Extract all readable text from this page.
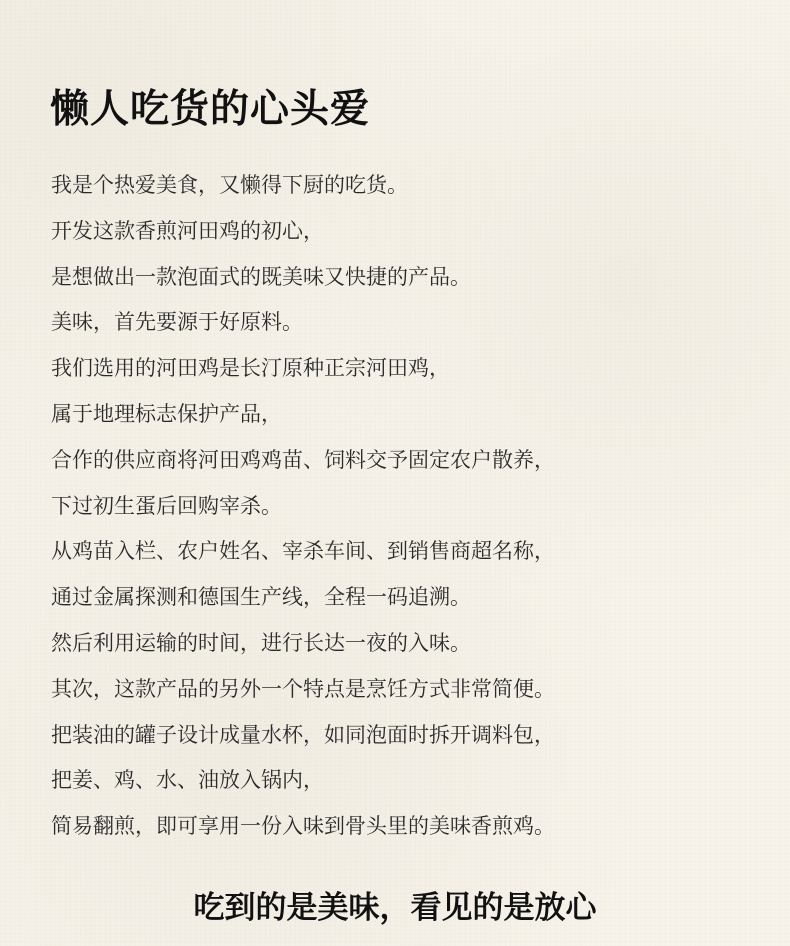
懒人吃货的心头爱
我是个热爱美食，又懒得下厨的吃货。
开发这款香煎河田鸡的初心，
是想做出一款泡面式的既美味又快捷的产品。
美味，首先要源于好原料。
我们选用的河田鸡是长汀原种正宗河田鸡，
属于地理标志保护产品，
合作的供应商将河田鸡鸡苗、饲料交予固定农户散养，
下过初生蛋后回购宰杀。
从鸡苗入栏、农户姓名、宰杀车间、到销售商超名称，
通过金属探测和德国生产线，全程一码追溯。
然后利用运输的时间，进行长达一夜的入味。
其次，这款产品的另外一个特点是烹饪方式非常简便。
把装油的罐子设计成量水杯，如同泡面时拆开调料包，
把姜、鸡、水、油放入锅内，
简易翻煎，即可享用一份入味到骨头里的美味香煎鸡。
吃到的是美味，看见的是放心
